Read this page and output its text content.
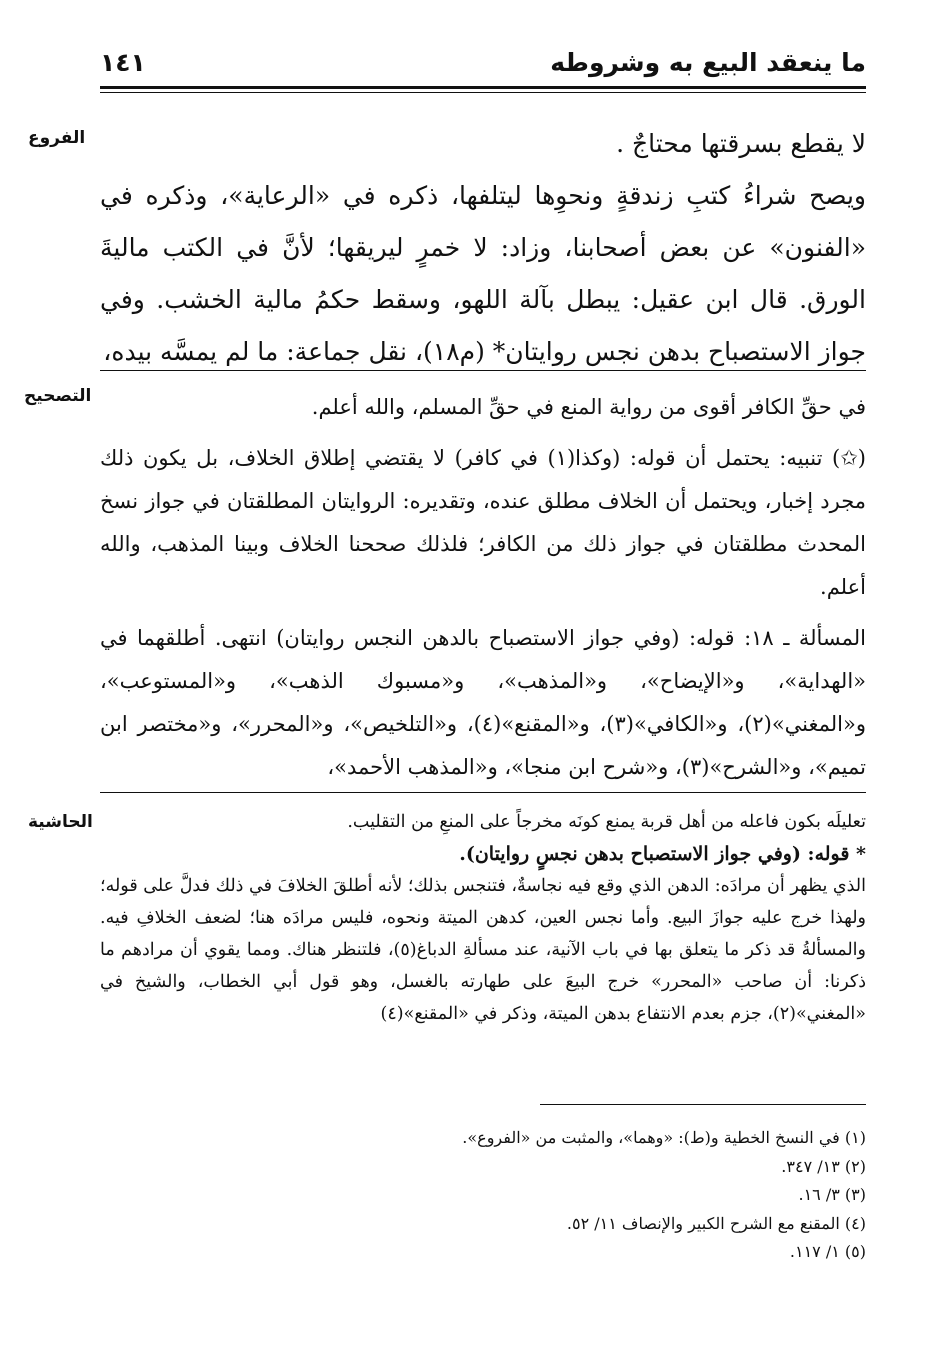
ما ينعقد البيع به وشروطه
١٤١
الفروع
التصحيح
الحاشية

لا يقطع بسرقتها محتاجٌ .

ويصح شراءُ كتبِ زندقةٍ ونحوِها ليتلفها، ذكره في «الرعاية»، وذكره في «الفنون» عن بعض أصحابنا، وزاد: لا خمرٍ ليريقها؛ لأنَّ في الكتب ماليةَ الورق. قال ابن عقيل: يبطل بآلة اللهو، وسقط حكمُ مالية الخشب. وفي جواز الاستصباح بدهن نجس روايتان* (م١٨)، نقل جماعة: ما لم يمسَّه بيده،

في حقِّ الكافر أقوى من رواية المنع في حقِّ المسلم، والله أعلم.

(✩) تنبيه: يحتمل أن قوله: (وكذا(١) في كافر) لا يقتضي إطلاق الخلاف، بل يكون ذلك مجرد إخبار، ويحتمل أن الخلاف مطلق عنده، وتقديره: الروايتان المطلقتان في جواز نسخ المحدث مطلقتان في جواز ذلك من الكافر؛ فلذلك صححنا الخلاف وبينا المذهب، والله أعلم.

المسألة ـ ١٨: قوله: (وفي جواز الاستصباح بالدهن النجس روايتان) انتهى. أطلقهما في «الهداية»، و«الإيضاح»، و«المذهب»، و«مسبوك الذهب»، و«المستوعب»، و«المغني»(٢)، و«الكافي»(٣)، و«المقنع»(٤)، و«التلخيص»، و«المحرر»، و«مختصر ابن تميم»، و«الشرح»(٣)، و«شرح ابن منجا»، و«المذهب الأحمد»،

تعليلَه بكون فاعله من أهل قربة يمنع كونَه مخرجاً على المنعِ من التقليب.

* قوله: (وفي جواز الاستصباح بدهن نجسٍ روايتان).

الذي يظهر أن مرادَه: الدهن الذي وقع فيه نجاسةٌ، فتنجس بذلك؛ لأنه أطلقَ الخلافَ في ذلك فدلَّ على قوله؛ ولهذا خرج عليه جوازَ البيع. وأما نجس العين، كدهن الميتة ونحوه، فليس مرادَه هنا؛ لضعف الخلافِ فيه. والمسألةُ قد ذكر ما يتعلق بها في باب الآنية، عند مسألةِ الدباغ(٥)، فلتنظر هناك. ومما يقوي أن مرادهم ما ذكرنا: أن صاحب «المحرر» خرج البيعَ على طهارته بالغسل، وهو قول أبي الخطاب، والشيخ في «المغني»(٢)، جزم بعدم الانتفاع بدهن الميتة، وذكر في «المقنع»(٤)

(١) في النسخ الخطية و(ط): «وهما»، والمثبت من «الفروع».

(٢) ١٣/ ٣٤٧.

(٣) ٣/ ١٦.

(٤) المقنع مع الشرح الكبير والإنصاف ١١/ ٥٢.

(٥) ١/ ١١٧.
